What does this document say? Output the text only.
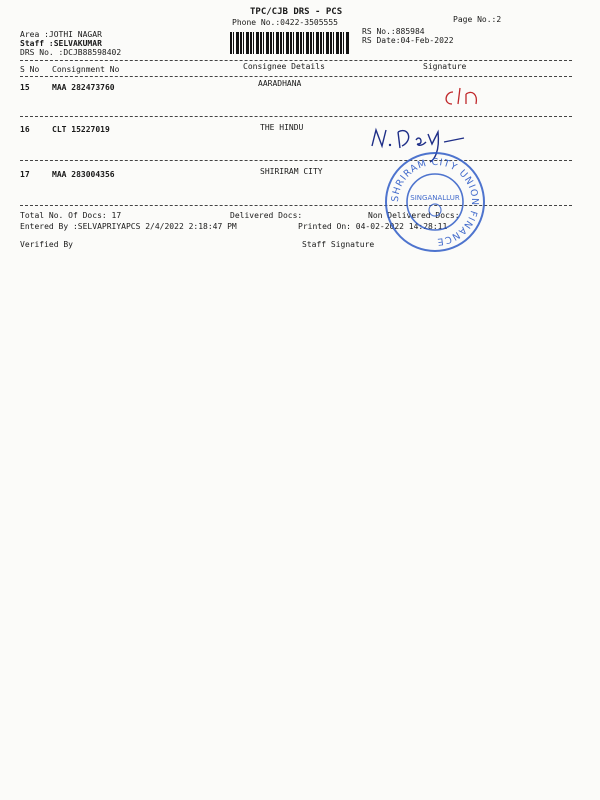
TPC/CJB DRS - PCS
Phone No.:0422-3505555	Page No.:2
RS No.:885984
RS Date:04-Feb-2022
Area :JOTHI NAGAR
Staff :SELVAKUMAR
DRS No. :DCJB88598402
S No Consignment No	Consignee Details	Signature
15	MAA 282473760	AARADHANA
16	CLT 15227019	THE HINDU
17	MAA 283004356	SHIRIRAM CITY
Total No. Of Docs: 17	Delivered Docs:	Non Delivered Docs:
Entered By :SELVAPRIYAPCS 2/4/2022 2:18:47 PM	Printed On: 04-02-2022 14:28:11
Verified By	Staff Signature
SHRIRAM CITY UNION FINANCE
SINGANALLUR
